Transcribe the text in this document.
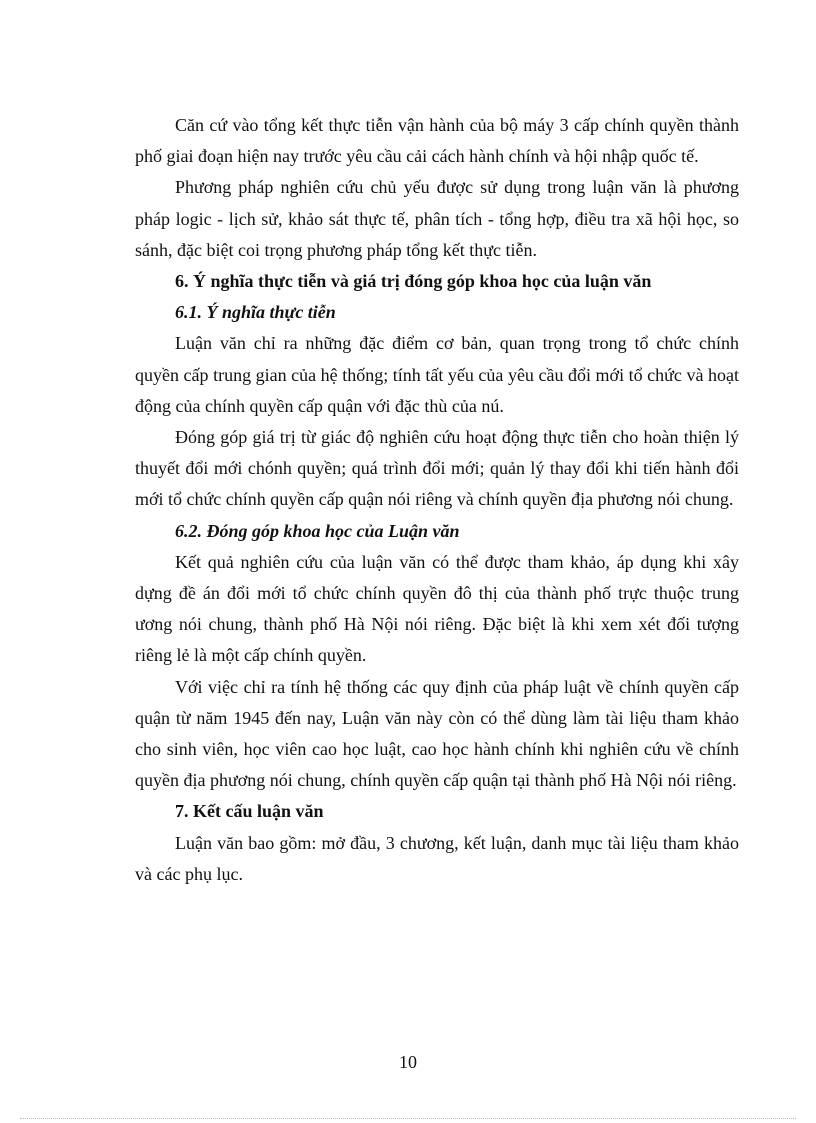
Căn cứ vào tổng kết thực tiễn vận hành của bộ máy 3 cấp chính quyền thành phố giai đoạn hiện nay trước yêu cầu cải cách hành chính và hội nhập quốc tế.

Phương pháp nghiên cứu chủ yếu được sử dụng trong luận văn là phương pháp logic - lịch sử, khảo sát thực tế, phân tích - tổng hợp, điều tra xã hội học, so sánh, đặc biệt coi trọng phương pháp tổng kết thực tiễn.

6. Ý nghĩa thực tiễn và giá trị đóng góp khoa học của luận văn

6.1. Ý nghĩa thực tiễn

Luận văn chỉ ra những đặc điểm cơ bản, quan trọng trong tổ chức chính quyền cấp trung gian của hệ thống; tính tất yếu của yêu cầu đổi mới tổ chức và hoạt động của chính quyền cấp quận với đặc thù của nú.

Đóng góp giá trị từ giác độ nghiên cứu hoạt động thực tiễn cho hoàn thiện lý thuyết đổi mới chónh quyền; quá trình đổi mới; quản lý thay đổi khi tiến hành đổi mới tổ chức chính quyền cấp quận nói riêng và chính quyền địa phương nói chung.

6.2. Đóng góp khoa học của Luận văn

Kết quả nghiên cứu của luận văn có thể được tham khảo, áp dụng khi xây dựng đề án đổi mới tổ chức chính quyền đô thị của thành phố trực thuộc trung ương nói chung, thành phố Hà Nội nói riêng. Đặc biệt là khi xem xét đối tượng riêng lẻ là một cấp chính quyền.

Với việc chỉ ra tính hệ thống các quy định của pháp luật về chính quyền cấp quận từ năm 1945 đến nay, Luận văn này còn có thể dùng làm tài liệu tham khảo cho sinh viên, học viên cao học luật, cao học hành chính khi nghiên cứu về chính quyền địa phương nói chung, chính quyền cấp quận tại thành phố Hà Nội nói riêng.

7. Kết cấu luận văn

Luận văn bao gồm: mở đầu, 3 chương, kết luận, danh mục tài liệu tham khảo và các phụ lục.

10
